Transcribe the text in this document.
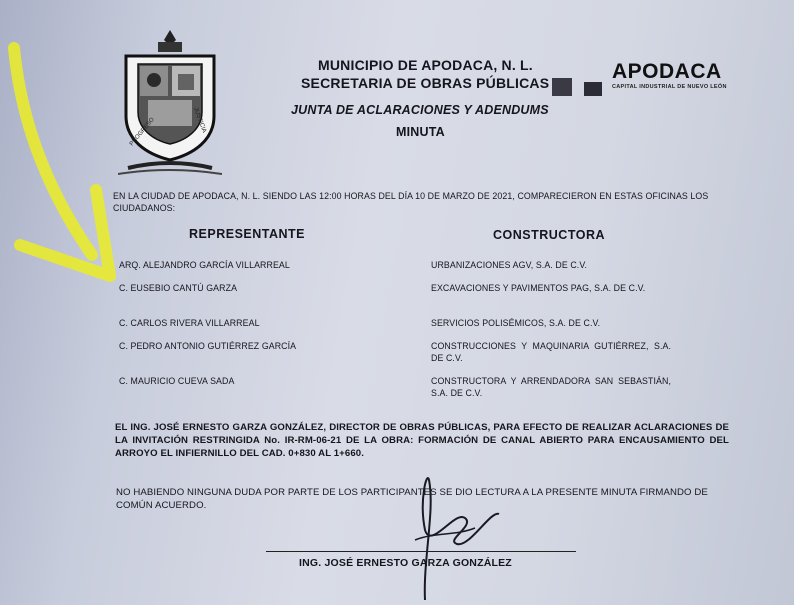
PROGRESO	JUSTICIA
MUNICIPIO DE APODACA, N. L.
SECRETARIA DE OBRAS PÚBLICAS
JUNTA DE ACLARACIONES Y ADENDUMS
MINUTA
APODACA
CAPITAL INDUSTRIAL DE NUEVO LEÓN
EN LA CIUDAD DE APODACA, N. L. SIENDO LAS 12:00 HORAS DEL DÍA 10 DE MARZO DE 2021, COMPARECIERON EN ESTAS OFICINAS LOS CIUDADANOS:
REPRESENTANTE	CONSTRUCTORA
ARQ. ALEJANDRO GARCÍA VILLARREAL	URBANIZACIONES AGV, S.A. DE C.V.
C. EUSEBIO CANTÚ GARZA	EXCAVACIONES Y PAVIMENTOS PAG, S.A. DE C.V.
C. CARLOS RIVERA VILLARREAL	SERVICIOS POLISÉMICOS, S.A. DE C.V.
C. PEDRO ANTONIO GUTIÉRREZ GARCÍA	CONSTRUCCIONES Y MAQUINARIA GUTIÉRREZ, S.A. DE C.V.
C. MAURICIO CUEVA SADA	CONSTRUCTORA Y ARRENDADORA SAN SEBASTIÁN, S.A. DE C.V.
EL ING. JOSÉ ERNESTO GARZA GONZÁLEZ, DIRECTOR DE OBRAS PÚBLICAS, PARA EFECTO DE REALIZAR ACLARACIONES DE LA INVITACIÓN RESTRINGIDA No. IR-RM-06-21 DE LA OBRA: FORMACIÓN DE CANAL ABIERTO PARA ENCAUSAMIENTO DEL ARROYO EL INFIERNILLO DEL CAD. 0+830 AL 1+660.
NO HABIENDO NINGUNA DUDA POR PARTE DE LOS PARTICIPANTES SE DIO LECTURA A LA PRESENTE MINUTA FIRMANDO DE COMÚN ACUERDO.
ING. JOSÉ ERNESTO GARZA GONZÁLEZ
